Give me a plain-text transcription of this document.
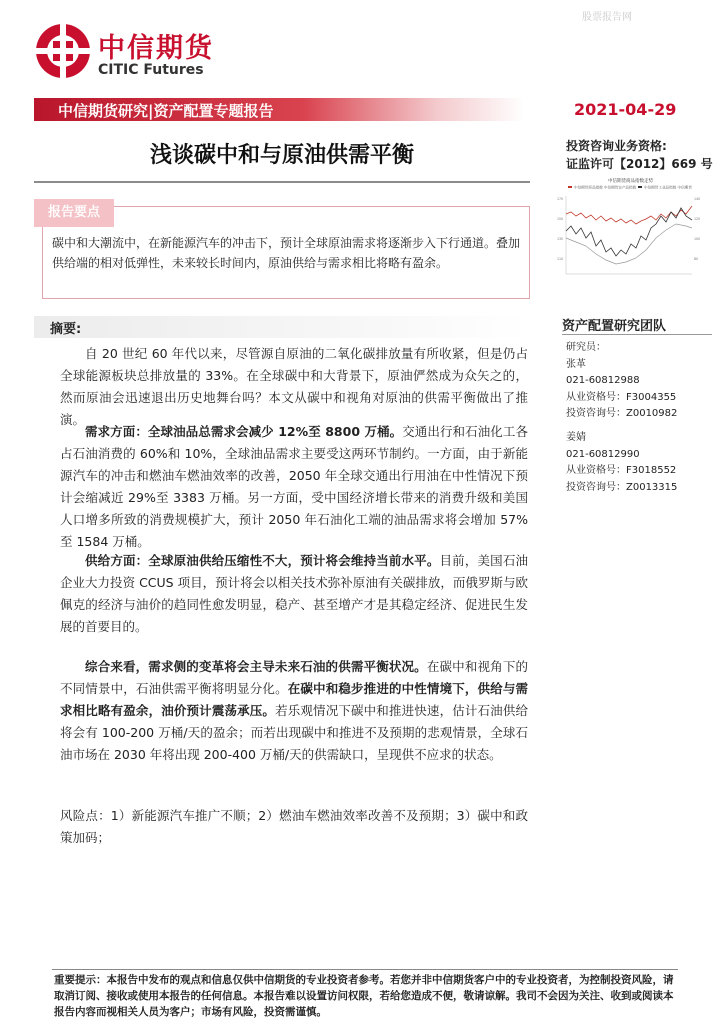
股票报告网
中信期货
CITIC Futures
中信期货研究|资产配置专题报告	2021-04-29
浅谈碳中和与原油供需平衡	投资咨询业务资格:
证监许可【2012】669 号
中信期货商品指数走势
中信期货商品指数 中信期货农产品指数 中信期货工业品指数 中信期货
170
150
130
110
140
120
100
80
报告要点
碳中和大潮流中，在新能源汽车的冲击下，预计全球原油需求将逐渐步入下行通道。叠加供给端的相对低弹性，未来较长时间内，原油供给与需求相比将略有盈余。
摘要:
自 20 世纪 60 年代以来，尽管源自原油的二氧化碳排放量有所收紧，但是仍占全球能源板块总排放量的 33%。在全球碳中和大背景下，原油俨然成为众矢之的，然而原油会迅速退出历史地舞台吗？本文从碳中和视角对原油的供需平衡做出了推演。
需求方面：全球油品总需求会减少 12%至 8800 万桶。交通出行和石油化工各占石油消费的 60%和 10%，全球油品需求主要受这两环节制约。一方面，由于新能源汽车的冲击和燃油车燃油效率的改善，2050 年全球交通出行用油在中性情况下预计会缩减近 29%至 3383 万桶。另一方面，受中国经济增长带来的消费升级和美国人口增多所致的消费规模扩大，预计 2050 年石油化工端的油品需求将会增加 57%至 1584 万桶。
供给方面：全球原油供给压缩性不大，预计将会维持当前水平。目前，美国石油企业大力投资 CCUS 项目，预计将会以相关技术弥补原油有关碳排放，而俄罗斯与欧佩克的经济与油价的趋同性愈发明显，稳产、甚至增产才是其稳定经济、促进民生发展的首要目的。
综合来看，需求侧的变革将会主导未来石油的供需平衡状况。在碳中和视角下的不同情景中，石油供需平衡将明显分化。在碳中和稳步推进的中性情境下，供给与需求相比略有盈余，油价预计震荡承压。若乐观情况下碳中和推进快速，估计石油供给将会有 100-200 万桶/天的盈余；而若出现碳中和推进不及预期的悲观情景，全球石油市场在 2030 年将出现 200-400 万桶/天的供需缺口，呈现供不应求的状态。
风险点：1）新能源汽车推广不顺；2）燃油车燃油效率改善不及预期；3）碳中和政策加码；
资产配置研究团队
研究员：
张革
021-60812988
从业资格号：F3004355
投资咨询号：Z0010982
姜婧
021-60812990
从业资格号：F3018552
投资咨询号：Z0013315
重要提示：本报告中发布的观点和信息仅供中信期货的专业投资者参考。若您并非中信期货客户中的专业投资者，为控制投资风险，请取消订阅、接收或使用本报告的任何信息。本报告难以设置访问权限，若给您造成不便，敬请谅解。我司不会因为关注、收到或阅读本报告内容而视相关人员为客户；市场有风险，投资需谨慎。
